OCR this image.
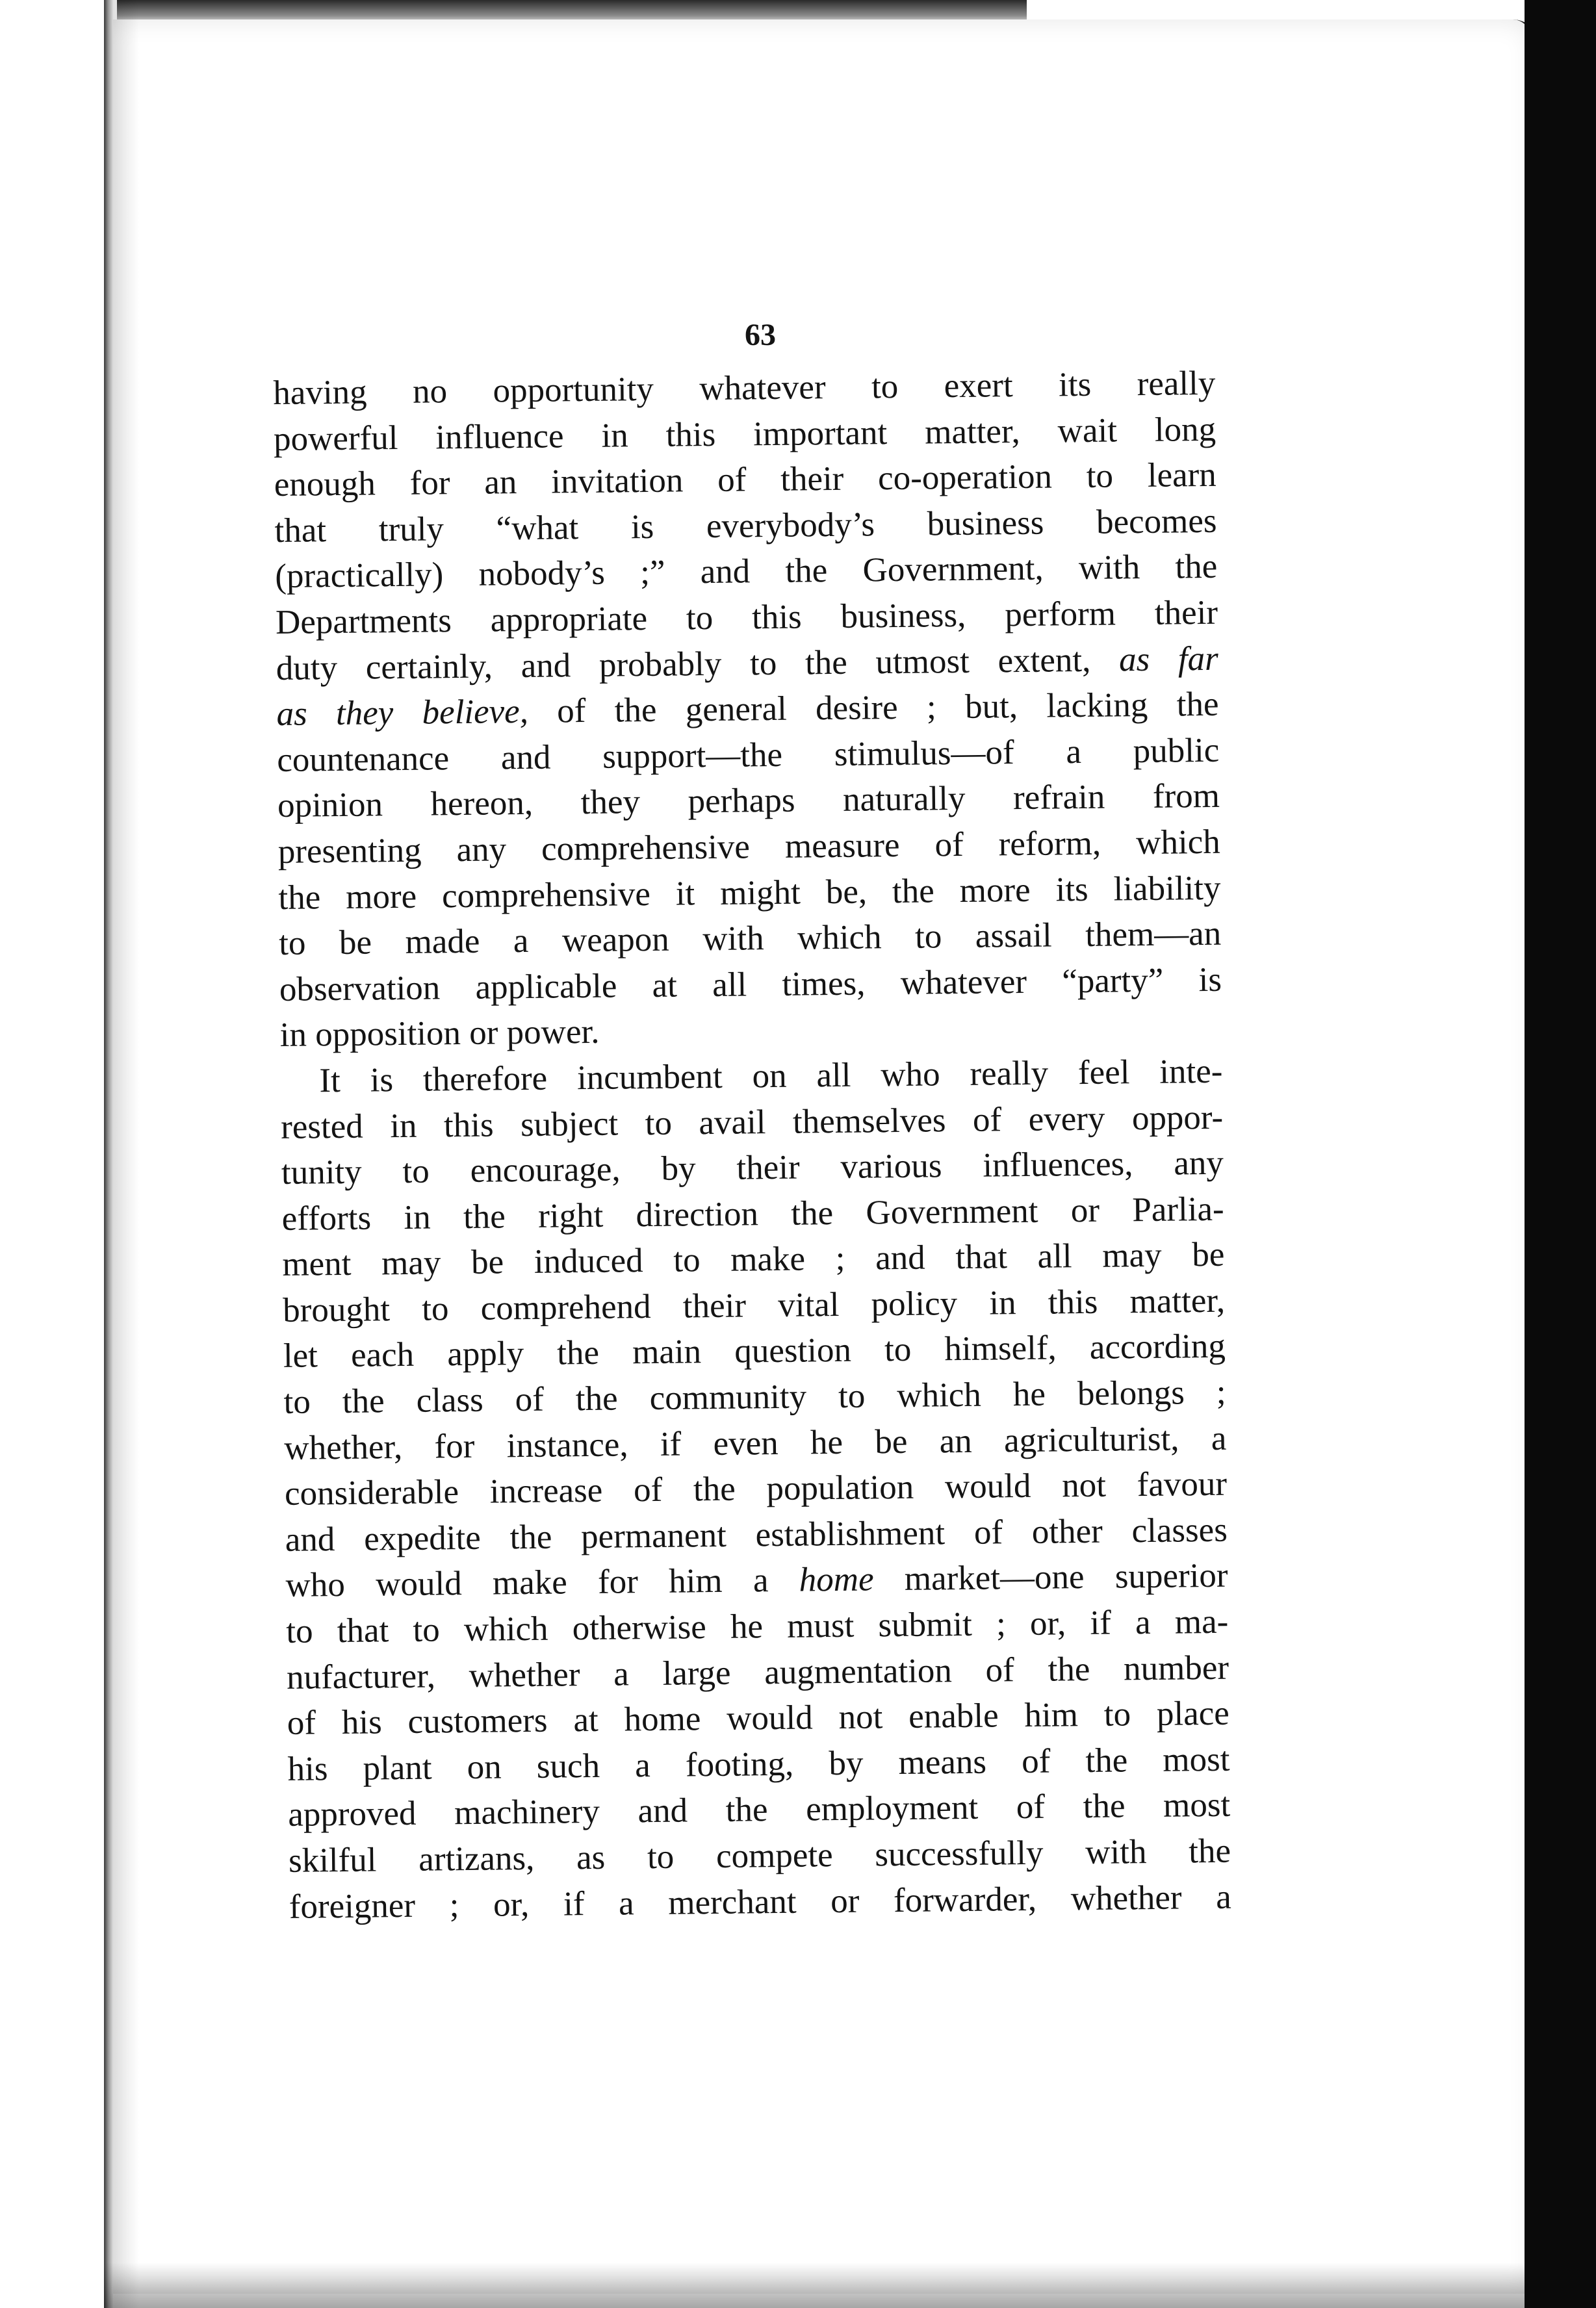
63
having no opportunity whatever to exert its really
powerful influence in this important matter, wait long
enough for an invitation of their co-operation to learn
that truly “what is everybody’s business becomes
(practically) nobody’s ;” and the Government, with the
Departments appropriate to this business, perform their
duty certainly, and probably to the utmost extent, as far
as they believe, of the general desire ; but, lacking the
countenance and support—the stimulus—of a public
opinion hereon, they perhaps naturally refrain from
presenting any comprehensive measure of reform, which
the more comprehensive it might be, the more its liability
to be made a weapon with which to assail them—an
observation applicable at all times, whatever “party” is
in opposition or power.
It is therefore incumbent on all who really feel inte-
rested in this subject to avail themselves of every oppor-
tunity to encourage, by their various influences, any
efforts in the right direction the Government or Parlia-
ment may be induced to make ; and that all may be
brought to comprehend their vital policy in this matter,
let each apply the main question to himself, according
to the class of the community to which he belongs ;
whether, for instance, if even he be an agriculturist, a
considerable increase of the population would not favour
and expedite the permanent establishment of other classes
who would make for him a home market—one superior
to that to which otherwise he must submit ; or, if a ma-
nufacturer, whether a large augmentation of the number
of his customers at home would not enable him to place
his plant on such a footing, by means of the most
approved machinery and the employment of the most
skilful artizans, as to compete successfully with the
foreigner ; or, if a merchant or forwarder, whether a
